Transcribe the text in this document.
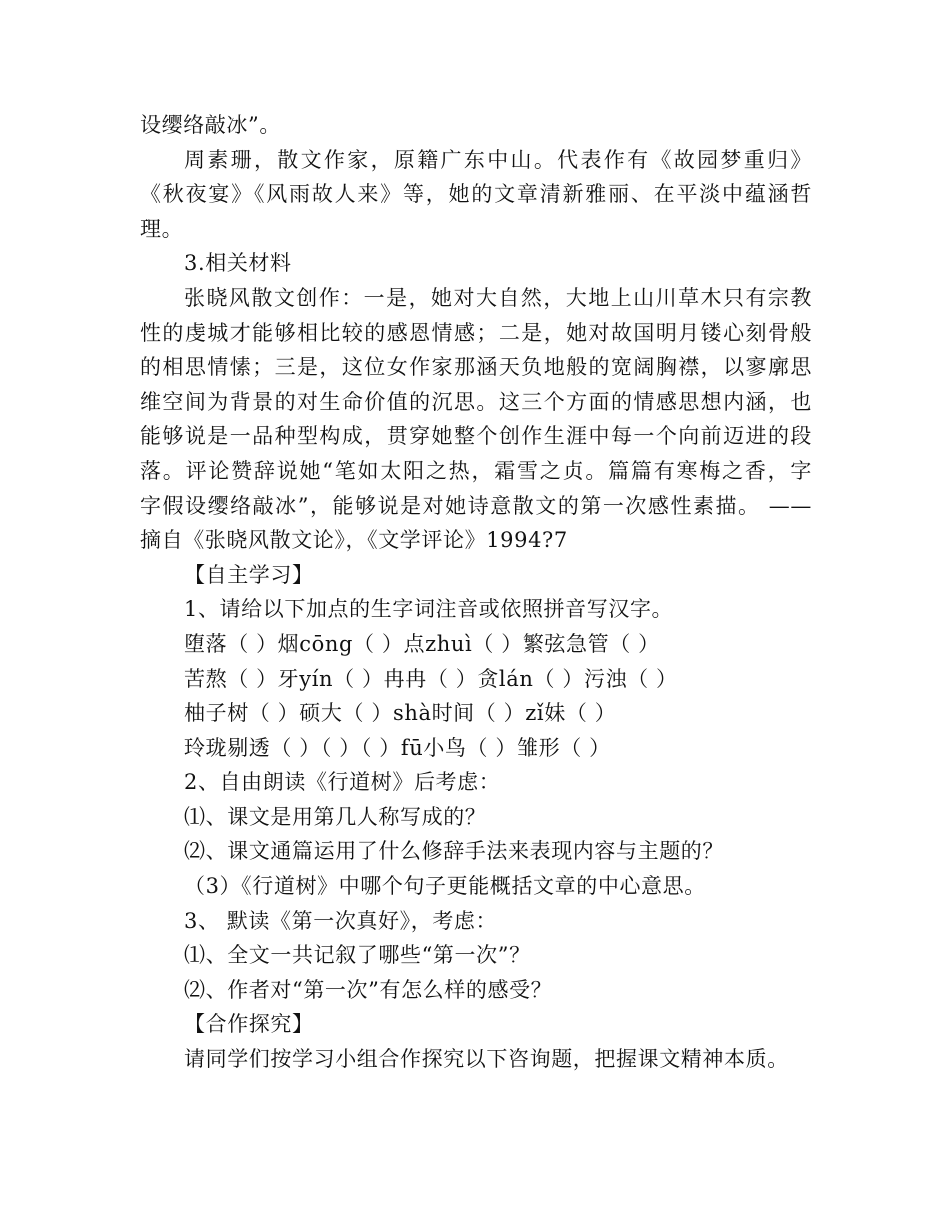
设缨络敲冰”。
周素珊，散文作家，原籍广东中山。代表作有《故园梦重归》
《秋夜宴》《风雨故人来》等，她的文章清新雅丽、在平淡中蕴涵哲
理。
3.相关材料
张晓风散文创作：一是，她对大自然，大地上山川草木只有宗教
性的虔城才能够相比较的感恩情感；二是，她对故国明月镂心刻骨般
的相思情愫；三是，这位女作家那涵天负地般的宽阔胸襟，以寥廓思
维空间为背景的对生命价值的沉思。这三个方面的情感思想内涵，也
能够说是一品种型构成，贯穿她整个创作生涯中每一个向前迈进的段
落。评论赞辞说她“笔如太阳之热，霜雪之贞。篇篇有寒梅之香，字
字假设缨络敲冰”，能够说是对她诗意散文的第一次感性素描。 ——
摘自《张晓风散文论》，《文学评论》1994?7
【自主学习】
1、请给以下加点的生字词注音或依照拼音写汉字。
堕落（ ）烟cōng（ ）点zhuì（ ）繁弦急管（ ）
苦熬（ ）牙yín（ ）冉冉（ ）贪lán（ ）污浊（ ）
柚子树（ ）硕大（ ）shà时间（ ）zǐ妹（ ）
玲珑剔透（ ）（ ）（ ）fū小鸟（ ）雏形（ ）
2、自由朗读《行道树》后考虑：
⑴、课文是用第几人称写成的？
⑵、课文通篇运用了什么修辞手法来表现内容与主题的？
（3）《行道树》中哪个句子更能概括文章的中心意思。
3、 默读《第一次真好》，考虑：
⑴、全文一共记叙了哪些“第一次”？
⑵、作者对“第一次”有怎么样的感受？
【合作探究】
请同学们按学习小组合作探究以下咨询题，把握课文精神本质。
